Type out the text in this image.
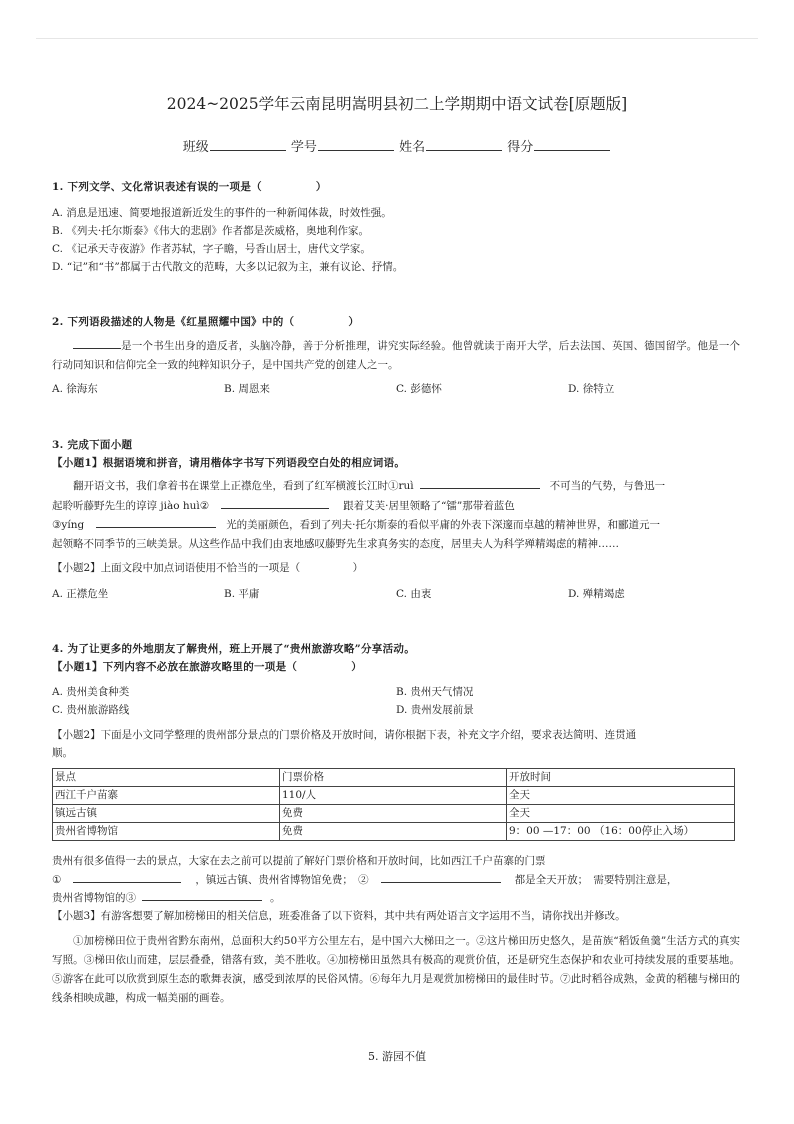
2024~2025学年云南昆明嵩明县初二上学期期中语文试卷[原题版]
班级	学号	姓名	得分
1. 下列文学、文化常识表述有误的一项是（　　　　　）
A. 消息是迅速、简要地报道新近发生的事件的一种新闻体裁，时效性强。
B. 《列夫·托尔斯泰》《伟大的悲剧》作者都是茨威格，奥地利作家。
C. 《记承天寺夜游》作者苏轼，字子瞻，号香山居士，唐代文学家。
D. “记”和“书”都属于古代散文的范畴，大多以记叙为主，兼有议论、抒情。
2. 下列语段描述的人物是《红星照耀中国》中的（　　　　　）
是一个书生出身的造反者，头脑冷静，善于分析推理，讲究实际经验。他曾就读于南开大学，后去法国、英国、德国留学。他是一个行动同知识和信仰完全一致的纯粹知识分子，是中国共产党的创建人之一。
A. 徐海东	B. 周恩来	C. 彭德怀	D. 徐特立
3. 完成下面小题
【小题1】根据语境和拼音，请用楷体字书写下列语段空白处的相应词语。
翻开语文书，我们拿着书在课堂上正襟危坐，看到了红军横渡长江时①ruì	不可当的气势，与鲁迅一
起聆听藤野先生的谆谆 jiào huì②	跟着艾芙·居里领略了“镭”那带着蓝色
③yíng	光的美丽颜色，看到了列夫·托尔斯泰的看似平庸的外表下深邃而卓越的精神世界，和郦道元一
起领略不同季节的三峡美景。从这些作品中我们由衷地感叹藤野先生求真务实的态度，居里夫人为科学殚精竭虑的精神……
【小题2】上面文段中加点词语使用不恰当的一项是（　　　　　）
A. 正襟危坐	B. 平庸	C. 由衷	D. 殚精竭虑
4. 为了让更多的外地朋友了解贵州，班上开展了“贵州旅游攻略”分享活动。
【小题1】下列内容不必放在旅游攻略里的一项是（　　　　　）
A. 贵州美食种类	B. 贵州天气情况
C. 贵州旅游路线	D. 贵州发展前景
【小题2】下面是小文同学整理的贵州部分景点的门票价格及开放时间，请你根据下表，补充文字介绍，要求表达简明、连贯通
顺。
景点	门票价格	开放时间
西江千户苗寨	110/人	全天
镇远古镇	免费	全天
贵州省博物馆	免费	9：00 —17：00 （16：00停止入场）
贵州有很多值得一去的景点，大家在去之前可以提前了解好门票价格和开放时间，比如西江千户苗寨的门票
①	，镇远古镇、贵州省博物馆免费；　②	都是全天开放；　需要特别注意是，
贵州省博物馆的③	。
【小题3】有游客想要了解加榜梯田的相关信息，班委准备了以下资料，其中共有两处语言文字运用不当，请你找出并修改。
①加榜梯田位于贵州省黔东南州，总面积大约50平方公里左右，是中国六大梯田之一。②这片梯田历史悠久，是苗族“稻饭鱼羹”生活方式的真实写照。③梯田依山而建，层层叠叠，错落有致，美不胜收。④加榜梯田虽然具有极高的观赏价值，还是研究生态保护和农业可持续发展的重要基地。⑤游客在此可以欣赏到原生态的歌舞表演，感受到浓厚的民俗风情。⑥每年九月是观赏加榜梯田的最佳时节。⑦此时稻谷成熟，金黄的稻穗与梯田的线条相映成趣，构成一幅美丽的画卷。
5. 游园不值
